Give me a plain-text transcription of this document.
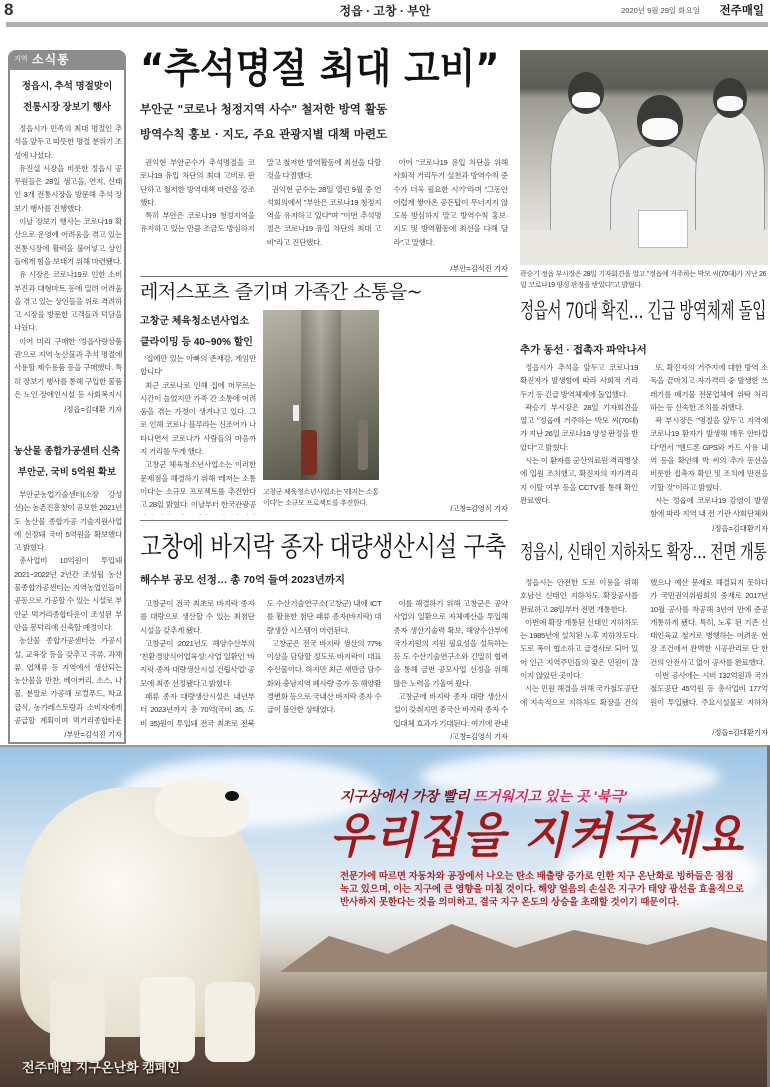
8	정읍 · 고창 · 부안	2020년 9월 29일 화요일 전주매일
지역 소식통
정읍시, 추석 명절맞이
전통시장 장보기 행사

정읍시가 민족의 최대 명절인 추석을 앞두고 따뜻한 명절 분위기 조성에 나섰다.

유진섭 시장을 비롯한 정읍시 공무원들은 28일 샘고을, 연지, 신태인 3개 전통시장을 방문해 추석 장보기 행사를 진행했다.

이날 장보기 행사는 코로나19 확산으로 운영에 어려움을 겪고 있는 전통시장에 활력을 불어넣고 상인들에게 힘을 보태기 위해 마련됐다.

유 시장은 코로나19로 인한 소비 부진과 대형마트 등에 밀려 어려움을 겪고 있는 상인들을 위로·격려하고 시장을 방문한 고객들과 덕담을 나눴다.

이어 미리 구매한 '정읍사랑상품권'으로 지역 농산물과 추석 명절에 사용할 제수용품 등을 구매했다. 특히 장보기 행사를 통해 구입한 물품은 노인·장애인시설 등 사회복지시

/정읍=김대환 기자
농산물 종합가공센터 신축
부안군, 국비 5억원 확보

부안군농업기술센터(소장 강성선)는 농촌진흥청이 공모한 2021년도 농산물 종합가공 기술지원사업에 선정돼 국비 5억원을 확보했다고 밝혔다.

총사업비 10억원이 투입돼 2021~2022년 2년간 조성될 농산물종합가공센터는 지역농업인들이 공동으로 가공할 수 있는 시설로 부안군 먹거리종합타운이 조성된 부안읍 봉덕리에 신축할 예정이다.

농산물 종합가공센터는 가공시설, 교육장 등을 갖추고 곡류, 과채류, 엽채류 등 지역에서 생산되는 농산물을 반찬, 베이커리, 소스, 나물, 분말로 가공해 로컬푸드, 학교급식, 농가레스토랑과 소비자에게 공급할 계획이며 먹거리종합타운

/부안=김석진 기자
“추석명절 최대 고비”
부안군 "코로나 청정지역 사수" 철저한 방역 활동
방역수칙 홍보 · 지도, 주요 관광지별 대책 마련도

권익현 부안군수가 추석명절을 코로나19 유입 차단의 최대 고비로 판단하고 철저한 방역대책 마련을 강조했다.

특히 부안은 코로나19 청정지역을 유지하고 있는 만큼 조금도 방심하지 말고 철저한 방역활동에 최선을 다할 것을 다짐했다.

권익현 군수는 28일 열린 9월 중 연석회의에서 "부안은 코로나19 청정지역을 유지하고 있다"며 "이번 추석명절은 코로나19 유입 차단의 최대 고비"라고 진단했다.

이어 "코로나19 유입 차단을 위해 사회적 거리두기 실천과 방역수칙 준수가 더욱 필요한 시기"라며 "그동안 어렵게 쌓아온 공든탑이 무너지지 않도록 방심하지 말고 방역수칙 홍보·지도 및 방역활동에 최선을 다해 달라"고 말했다.

/부안=김석진 기자
곽승기 정읍 부시장은 28일 기자회견을 열고 "정읍에 거주하는 박모 씨(70대)가 지난 26일 코로나19 양성 판정을 받았다"고 밝혔다.
정읍서 70대 확진… 긴급 방역체제 돌입
추가 동선 · 접촉자 파악나서

정읍시가 추석을 앞두고 코로나19 확진자가 발생함에 따라 사회적 거리두기 등 긴급 방역체제에 돌입했다.

곽승기 부시장은 28일 기자회견을 열고 "정읍에 거주하는 박모 씨(70대)가 지난 26일 코로나19 양성 판정을 받았다"고 밝혔다.

시는 이 환자를 군산의료원 격리병상에 입원 조치했고, 확진자의 자가격리지 이탈 여부 등을 CCTV를 통해 확인 완료했다.

또, 확진자의 거주지에 대한 방역 소독을 끝마치고 자가격리 중 발생한 쓰레기를 폐기물 전문업체에 위탁 처리하는 등 신속한 조치를 취했다.

곽 부시장은 "명절을 앞두고 지역에 코로나19 환자가 발생해 매우 안타깝다"면서 "핸드폰 GPS와 카드 사용 내역 등을 확인해 박 씨의 추가 동선을 비롯한 접촉자 확인 및 조치에 만전을 기할 것"이라고 밝혔다.

시는 정읍에 코로나19 감염이 발생함에 따라 지역 내 전 기관 사회단체와

/정읍=김대환기자
정읍시, 신태인 지하차도 확장… 전면 개통

정읍시는 안전한 도로 이용을 위해 호남선 신태인 지하차도 확장공사를 완료하고 28일부터 전면 개통한다.

이번에 확장 개통된 신태인 지하차도는 1985년에 설치된 노후 지하차도다. 도로 폭이 협소하고 급경사로 되어 있어 인근 지역주민들의 잦은 민원이 끊이지 않았던 곳이다.

시는 민원 해결을 위해 국가철도공단에 지속적으로 지하차도 확장을 건의했으나 예산 문제로 해결되지 못하다가 국민권익위원회의 중재로 2017년 10월 공사를 착공해 3년여 만에 준공 개통하게 됐다. 특히, 노후 된 기존 신태인육교 철거로 병행하는 어려운 현장 조건에서 완벽한 시공관리로 단 한 건의 안전사고 없이 공사를 완료했다.

이번 공사에는 시비 132억원과 국가철도공단 45억원 등 총사업비 177억원이 투입됐다. 주요시설물로 지하차

/정읍=김대환기자
레저스포츠 즐기며 가족간 소통을~
고창군 체육청소년사업소
클라이밍 등 40~90% 할인
고창군 체육청소년사업소는 '레저는 소통이다'는 소규모 프로젝트를 추진한다.

'집에만 있는 아빠의 존재감, 게임만 합니다'

최근 코로나로 인해 집에 머무르는 시간이 늘었지만 가족 간 소통에 어려움을 겪는 가정이 생겨나고 있다. 그로 인해 코로나 블루라는 신조어가 나타나면서 코로나가 사람들의 마음까지 거리를 두게 했다.

고창군 체육청소년사업소는 이러한 문제점을 해결하기 위해 '레저는 소통이다'는 소규모 프로젝트를 추진한다고 28일 밝혔다. 이날부터 한국관광공	/고창=김영식 기자
고창에 바지락 종자 대량생산시설 구축
해수부 공모 선정… 총 70억 들여 2023년까지

고창군이 전국 최초로 바지락 종자를 대량으로 생산할 수 있는 최첨단 시설을 갖추게 됐다.

고창군이 2021년도 해양수산부의 '친환경양식어업육성' 사업 일환인 '바지락 종자 대량생산시설 건립사업' 공모에 최종 선정됐다고 밝혔다.

패류 종자 대량생산시설은 내년부터 2023년까지 총 70억(국비 35, 도비 35)원이 투입돼 전국 최초로 전북도 수산기술연구소(고창군) 내에 ICT를 활용한 첨단 패류 종자(바지락) 대량생산 시스템이 마련된다.

고창군은 전국 바지락 생산의 77% 이상을 담당할 정도로 바지락이 대표 수산물이다. 하지만 최근 새만금 담수화와 충남지역 폐사량 증가 등 해양환경변화 등으로 국내산 바지락 종자 수급이 불안한 상태였다.

이를 해결하기 위해 고창군은 공약사업의 일환으로 자체예산을 투입해 종자 생산기술력 확보, 해양수산부에 국가지원의 지원 필요성을 설득하는 등 도 수산기술연구소와 긴밀히 협력을 통해 금번 공모사업 선정을 위해 많은 노력을 기울여 왔다.

고창군에 바지락 종자 대량 생산시설이 갖춰지면 중국산 바지락 종자 수입대체 효과가 기대된다. 여기에 관내

/고창=김영식 기자
지구상에서 가장 빨리 뜨거워지고 있는 곳 '북극'
우리집을 지켜주세요
전문가에 따르면 자동차와 공장에서 나오는 탄소 배출량 증가로 인한 지구 온난화로 빙하들은 점점 녹고 있으며, 이는 지구에 큰 영향을 미칠 것이다. 해양 얼음의 손실은 지구가 태양 광선을 효율적으로 반사하지 못한다는 것을 의미하고, 결국 지구 온도의 상승을 초래할 것이기 때문이다.
전주매일 지구온난화 캠페인
